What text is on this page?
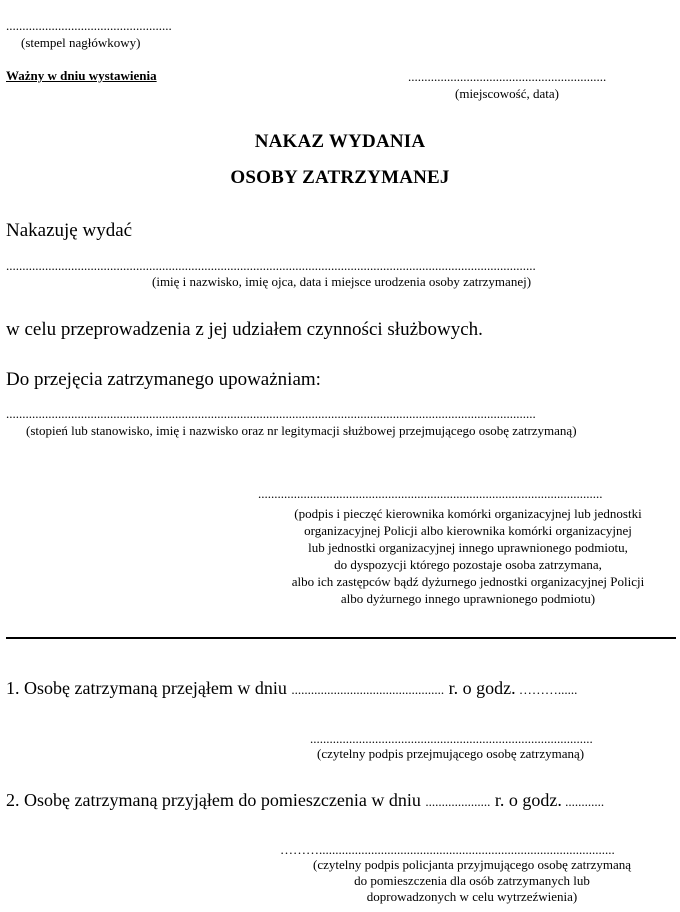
...................................................
(stempel nagłówkowy)
Ważny w dniu wystawienia	.............................................................
(miejscowość, data)
NAKAZ WYDANIA
OSOBY ZATRZYMANEJ
Nakazuję wydać
...................................................................................................................................................................
(imię i nazwisko, imię ojca, data i miejsce urodzenia osoby zatrzymanej)
w celu przeprowadzenia z jej udziałem czynności służbowych.
Do przejęcia zatrzymanego upoważniam:
...................................................................................................................................................................
(stopień lub stanowisko, imię i nazwisko oraz nr legitymacji służbowej przejmującego osobę zatrzymaną)
..........................................................................................................
(podpis i pieczęć kierownika komórki organizacyjnej lub jednostki
organizacyjnej Policji albo kierownika komórki organizacyjnej
lub jednostki organizacyjnej innego uprawnionego podmiotu,
do dyspozycji którego pozostaje osoba zatrzymana,
albo ich zastępców bądź dyżurnego jednostki organizacyjnej Policji
albo dyżurnego innego uprawnionego podmiotu)
1. Osobę zatrzymaną przejąłem w dniu ............................................... r. o godz. ………......
.......................................................................................
(czytelny podpis przejmującego osobę zatrzymaną)
2. Osobę zatrzymaną przyjąłem do pomieszczenia w dniu .................... r. o godz. ............
………...........................................................................................
(czytelny podpis policjanta przyjmującego osobę zatrzymaną
do pomieszczenia dla osób zatrzymanych lub
doprowadzonych w celu wytrzeźwienia)
